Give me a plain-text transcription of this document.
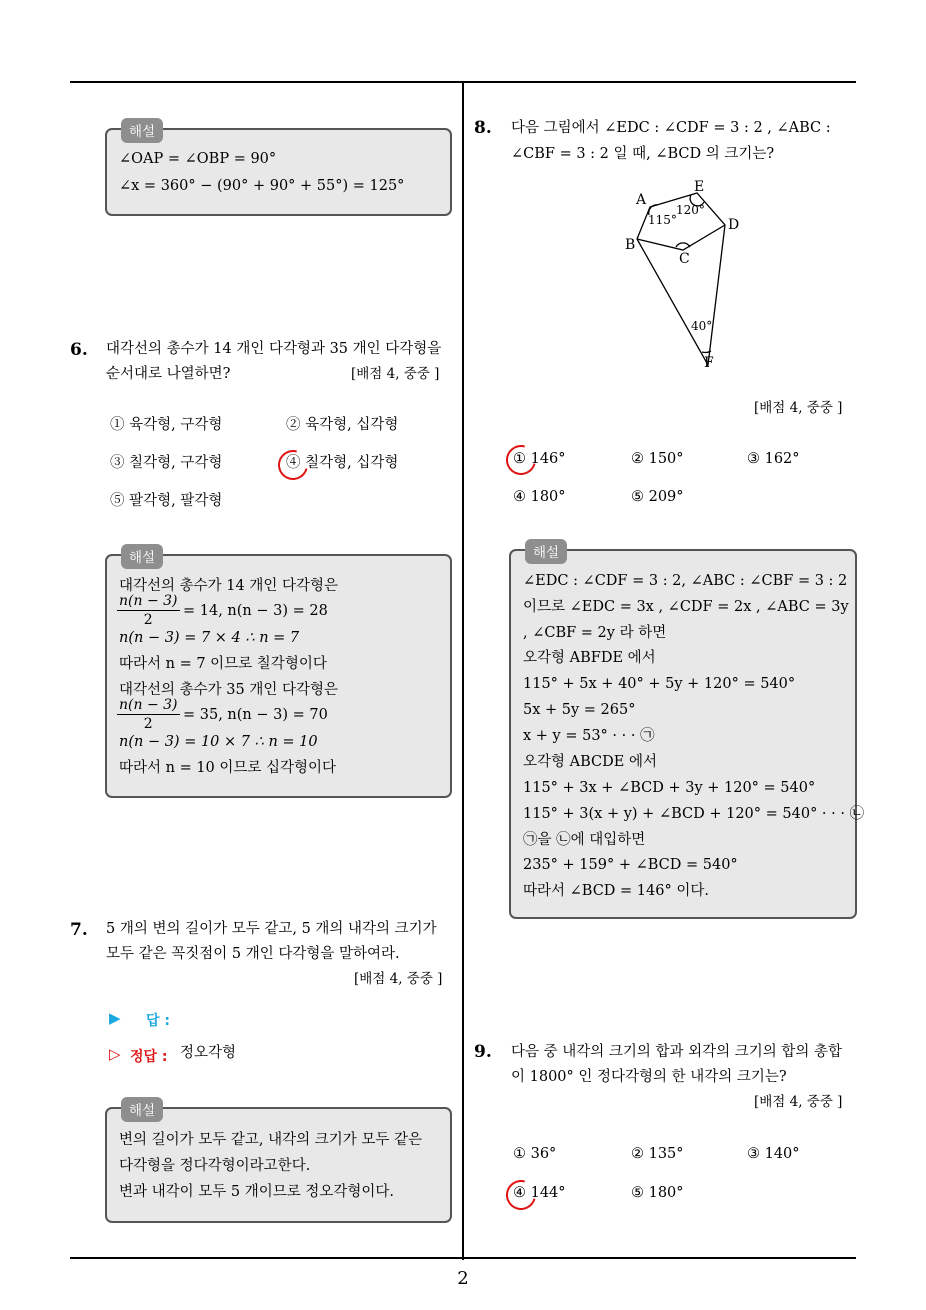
해설
∠OAP = ∠OBP = 90°
∠x = 360° − (90° + 90° + 55°) = 125°
6. 대각선의 총수가 14 개인 다각형과 35 개인 다각형을
순서대로 나열하면?	[배점 4, 중중 ]
① 육각형, 구각형	② 육각형, 십각형
③ 칠각형, 구각형	④ 칠각형, 십각형
⑤ 팔각형, 팔각형
해설
대각선의 총수가 14 개인 다각형은
$\frac{n(n - 3)}{2} = 14$, n(n − 3) = 28
n(n − 3) = 7 × 4 ∴ n = 7
따라서 n = 7 이므로 칠각형이다
대각선의 총수가 35 개인 다각형은
$\frac{n(n - 3)}{2} = 35$, n(n − 3) = 70
n(n − 3) = 10 × 7 ∴ n = 10
따라서 n = 10 이므로 십각형이다
7. 5 개의 변의 길이가 모두 같고, 5 개의 내각의 크기가
모두 같은 꼭짓점이 5 개인 다각형을 말하여라.
[배점 4, 중중 ]
▶ 답 :
▷ 정답 : 정오각형
해설
변의 길이가 모두 같고, 내각의 크기가 모두 같은
다각형을 정다각형이라고한다.
변과 내각이 모두 5 개이므로 정오각형이다.
8. 다음 그림에서 ∠EDC : ∠CDF = 3 : 2 , ∠ABC :
∠CBF = 3 : 2 일 때, ∠BCD 의 크기는?
A
E
D
B
C
F
115°
120°
40°
[배점 4, 중중 ]
① 146°	② 150°	③ 162°
④ 180°	⑤ 209°
해설
∠EDC : ∠CDF = 3 : 2, ∠ABC : ∠CBF = 3 : 2
이므로 ∠EDC = 3x , ∠CDF = 2x , ∠ABC = 3y
, ∠CBF = 2y 라 하면
오각형 ABFDE 에서
115° + 5x + 40° + 5y + 120° = 540°
5x + 5y = 265°
x + y = 53° · · · ㉠
오각형 ABCDE 에서
115° + 3x + ∠BCD + 3y + 120° = 540°
115° + 3(x + y) + ∠BCD + 120° = 540° · · · ㉡
㉠을 ㉡에 대입하면
235° + 159° + ∠BCD = 540°
따라서 ∠BCD = 146° 이다.
9. 다음 중 내각의 크기의 합과 외각의 크기의 합의 총합
이 1800° 인 정다각형의 한 내각의 크기는?
[배점 4, 중중 ]
① 36°	② 135°	③ 140°
④ 144°	⑤ 180°
2
